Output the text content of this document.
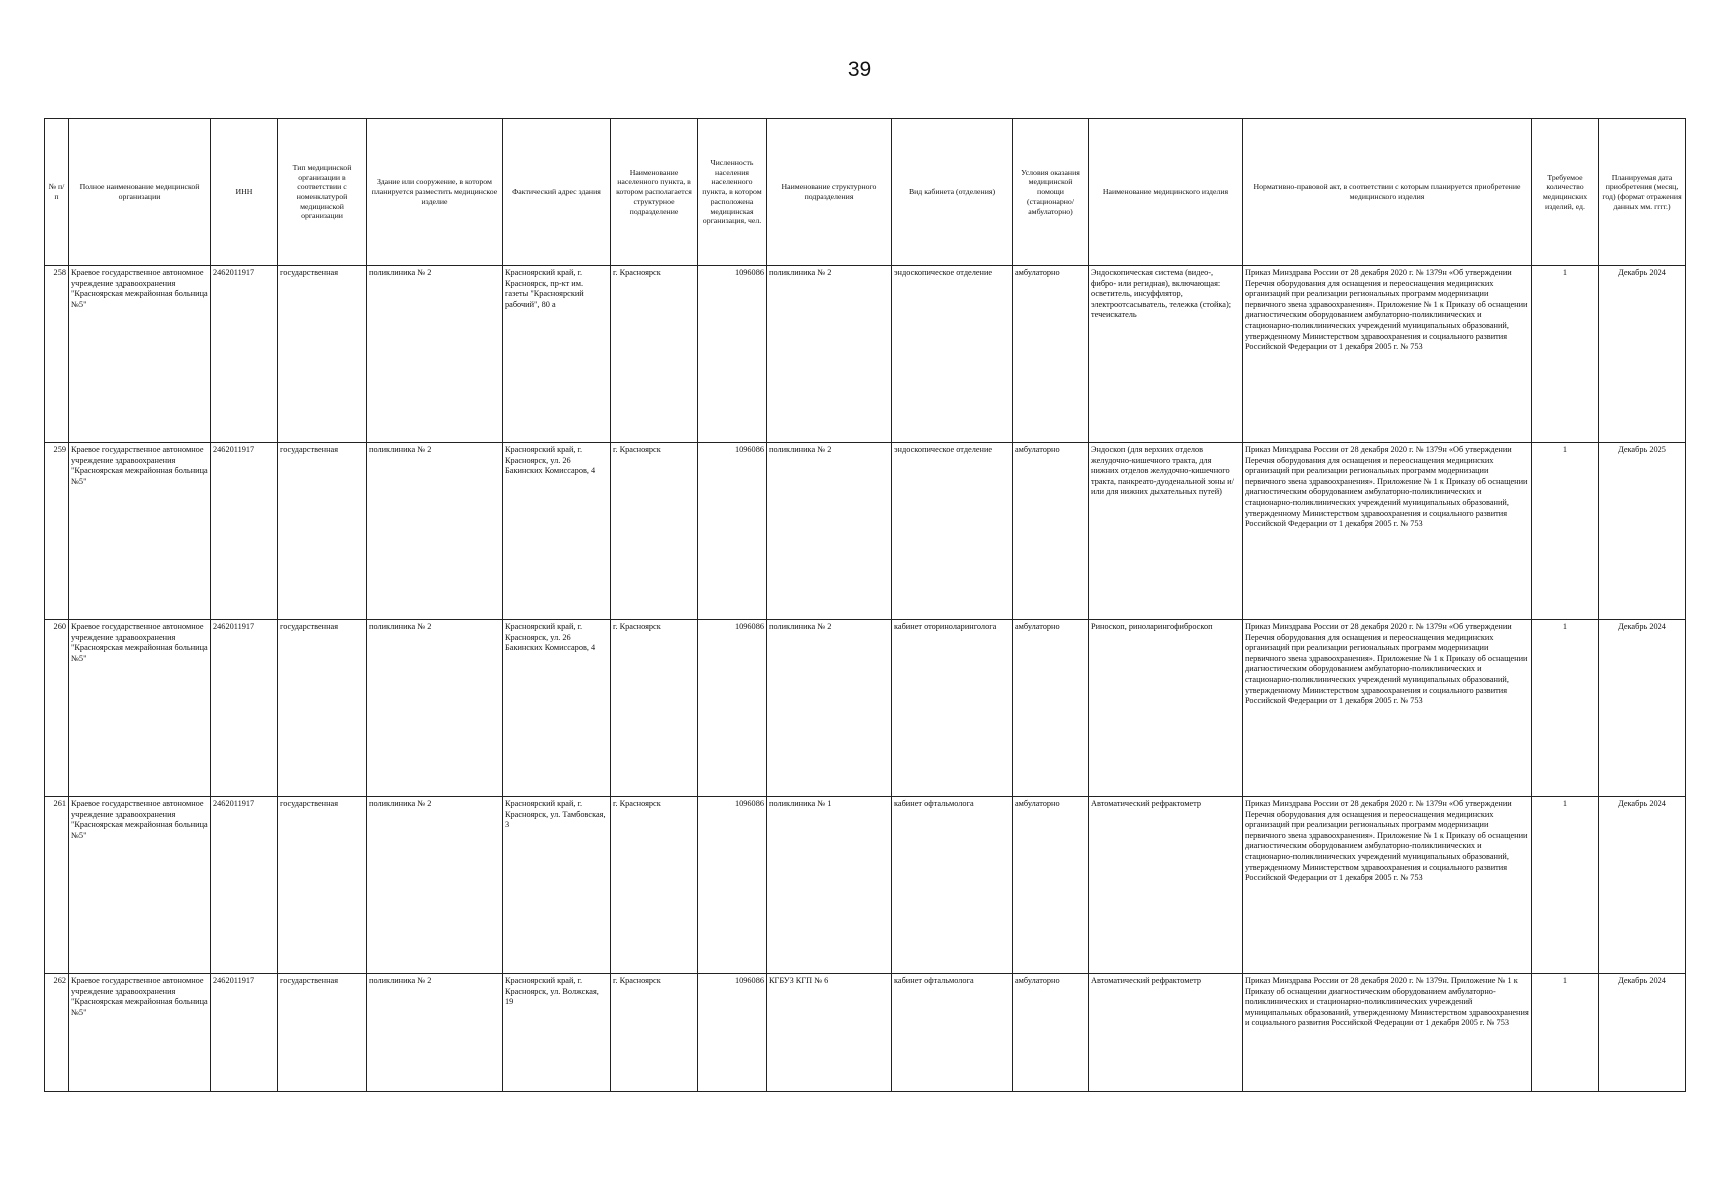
39
№ п/п	Полное наименование медицинской организации	ИНН	Тип медицинской организации в соответствии с номенклатурой медицинской организации	Здание или сооружение, в котором планируется разместить медицинское изделие	Фактический адрес здания	Наименование населенного пункта, в котором располагается структурное подразделение	Численность населения населенного пункта, в котором расположена медицинская организация, чел.	Наименование структурного подразделения	Вид кабинета (отделения)	Условия оказания медицинской помощи (стационарно/ амбулаторно)	Наименование медицинского изделия	Нормативно-правовой акт, в соответствии с которым планируется приобретение медицинского изделия	Требуемое количество медицинских изделий, ед.	Планируемая дата приобретения (месяц, год) (формат отражения данных мм. гггг.)
258	Краевое государственное автономное учреждение здравоохранения "Красноярская межрайонная больница №5"	2462011917	государственная	поликлиника № 2	Красноярский край, г. Красноярск, пр-кт им. газеты "Красноярский рабочий", 80 а	г. Красноярск	1096086	поликлиника № 2	эндоскопическое отделение	амбулаторно	Эндоскопическая система (видео-, фибро- или регидная), включающая: осветитель, инсуффлятор, электроотсасыватель, тележка (стойка); течеискатель	Приказ Минздрава России от 28 декабря 2020 г. № 1379н «Об утверждении Перечня оборудования для оснащения и переоснащения медицинских организаций при реализации региональных программ модернизации первичного звена здравоохранения». Приложение № 1 к Приказу об оснащении диагностическим оборудованием амбулаторно-поликлинических и стационарно-поликлинических учреждений муниципальных образований, утвержденному Министерством здравоохранения и социального развития Российской Федерации от 1 декабря 2005 г. № 753	1	Декабрь 2024
259	Краевое государственное автономное учреждение здравоохранения "Красноярская межрайонная больница №5"	2462011917	государственная	поликлиника № 2	Красноярский край, г. Красноярск, ул. 26 Бакинских Комиссаров, 4	г. Красноярск	1096086	поликлиника № 2	эндоскопическое отделение	амбулаторно	Эндоскоп (для верхних отделов желудочно-кишечного тракта, для нижних отделов желудочно-кишечного тракта, панкреато-дуоденальной зоны и/или для нижних дыхательных путей)	Приказ Минздрава России от 28 декабря 2020 г. № 1379н «Об утверждении Перечня оборудования для оснащения и переоснащения медицинских организаций при реализации региональных программ модернизации первичного звена здравоохранения». Приложение № 1 к Приказу об оснащении диагностическим оборудованием амбулаторно-поликлинических и стационарно-поликлинических учреждений муниципальных образований, утвержденному Министерством здравоохранения и социального развития Российской Федерации от 1 декабря 2005 г. № 753	1	Декабрь 2025
260	Краевое государственное автономное учреждение здравоохранения "Красноярская межрайонная больница №5"	2462011917	государственная	поликлиника № 2	Красноярский край, г. Красноярск, ул. 26 Бакинских Комиссаров, 4	г. Красноярск	1096086	поликлиника № 2	кабинет оториноларинголога	амбулаторно	Риноскоп, риноларингофиброскоп	Приказ Минздрава России от 28 декабря 2020 г. № 1379н «Об утверждении Перечня оборудования для оснащения и переоснащения медицинских организаций при реализации региональных программ модернизации первичного звена здравоохранения». Приложение № 1 к Приказу об оснащении диагностическим оборудованием амбулаторно-поликлинических и стационарно-поликлинических учреждений муниципальных образований, утвержденному Министерством здравоохранения и социального развития Российской Федерации от 1 декабря 2005 г. № 753	1	Декабрь 2024
261	Краевое государственное автономное учреждение здравоохранения "Красноярская межрайонная больница №5"	2462011917	государственная	поликлиника № 2	Красноярский край, г. Красноярск, ул. Тамбовская, 3	г. Красноярск	1096086	поликлиника № 1	кабинет офтальмолога	амбулаторно	Автоматический рефрактометр	Приказ Минздрава России от 28 декабря 2020 г. № 1379н «Об утверждении Перечня оборудования для оснащения и переоснащения медицинских организаций при реализации региональных программ модернизации первичного звена здравоохранения». Приложение № 1 к Приказу об оснащении диагностическим оборудованием амбулаторно-поликлинических и стационарно-поликлинических учреждений муниципальных образований, утвержденному Министерством здравоохранения и социального развития Российской Федерации от 1 декабря 2005 г. № 753	1	Декабрь 2024
262	Краевое государственное автономное учреждение здравоохранения "Красноярская межрайонная больница №5"	2462011917	государственная	поликлиника № 2	Красноярский край, г. Красноярск, ул. Волжская, 19	г. Красноярск	1096086	КГБУЗ КГП № 6	кабинет офтальмолога	амбулаторно	Автоматический рефрактометр	Приказ Минздрава России от 28 декабря 2020 г. № 1379н. Приложение № 1 к Приказу об оснащении диагностическим оборудованием амбулаторно-поликлинических и стационарно-поликлинических учреждений муниципальных образований, утвержденному Министерством здравоохранения и социального развития Российской Федерации от 1 декабря 2005 г. № 753	1	Декабрь 2024
